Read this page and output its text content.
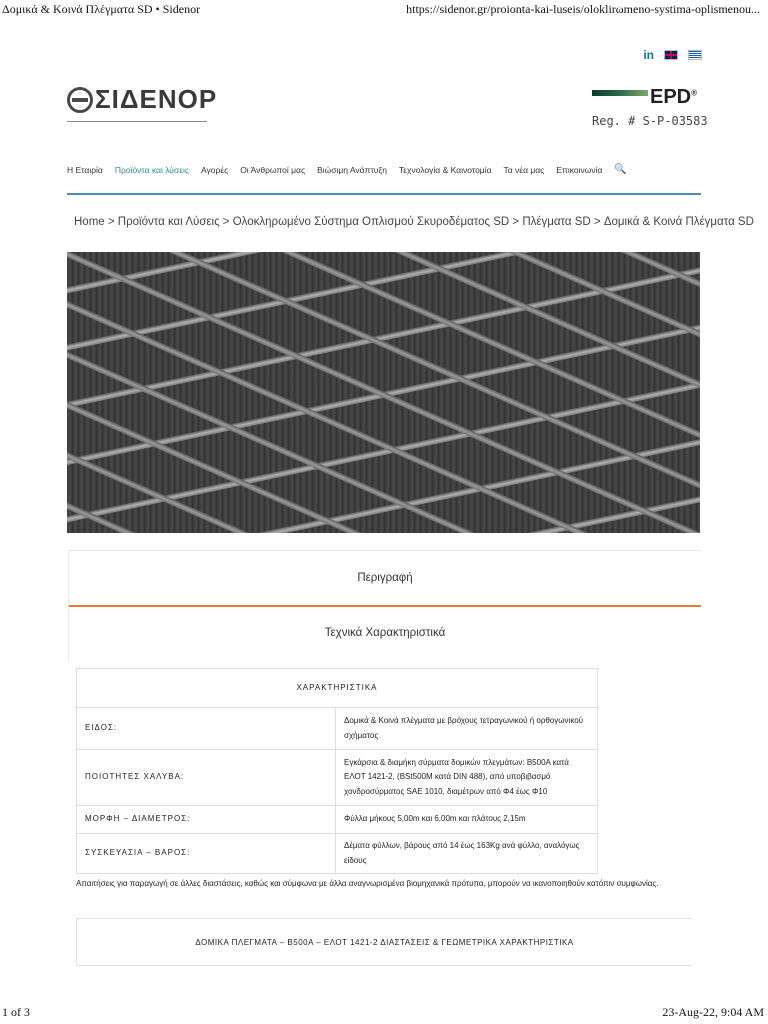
Δομικά & Κοινά Πλέγματα SD • Sidenor	https://sidenor.gr/proionta-kai-luseis/oloklirωmeno-systima-oplismenou...
in
ΣΙΔΕΝΟΡ	EPD®
Reg. # S-P-03583
Η Εταιρία Προϊόντα και λύσεις Αγορές Οι Άνθρωποί μας Βιώσιμη Ανάπτυξη Τεχνολογία & Καινοτομία Τα νέα μας Επικοινωνία 🔍
Home > Προϊόντα και Λύσεις > Ολοκληρωμένο Σύστημα Οπλισμού Σκυροδέματος SD > Πλέγματα SD > Δομικά & Κοινά Πλέγματα SD
Περιγραφή
Τεχνικά Χαρακτηριστικά
ΧΑΡΑΚΤΗΡΙΣΤΙΚΑ	
ΕΙΔΟΣ:	Δομικά & Κοινά πλέγματα με βρόχους τετραγωνικού ή ορθογωνικού σχήματος
ΠΟΙΟΤΗΤΕΣ ΧΑΛΥΒΑ:	Εγκάρσια & διαμήκη σύρματα δομικών πλεγμάτων: B500A κατά ΕΛΟΤ 1421-2, (BSt500M κατά DIN 488), από υποβιβασμό χονδροσύρματος SAE 1010, διαμέτρων από Φ4 έως Φ10
ΜΟΡΦΗ – ΔΙΑΜΕΤΡΟΣ:	Φύλλα μήκους 5,00m και 6,00m και πλάτους 2,15m
ΣΥΣΚΕΥΑΣΙΑ – ΒΑΡΟΣ:	Δέματα φύλλων, βάρους από 14 έως 163Kg ανά φύλλο, αναλόγως είδους
Απαιτήσεις για παραγωγή σε άλλες διαστάσεις, καθώς και σύμφωνα με άλλα αναγνωρισμένα βιομηχανικά πρότυπα, μπορούν να ικανοποιηθούν κατόπιν συμφωνίας.
ΔΟΜΙΚΑ ΠΛΕΓΜΑΤΑ – B500A – ΕΛΟΤ 1421-2 ΔΙΑΣΤΑΣΕΙΣ & ΓΕΩΜΕΤΡΙΚΑ ΧΑΡΑΚΤΗΡΙΣΤΙΚΑ
1 of 3	23-Aug-22, 9:04 AM
